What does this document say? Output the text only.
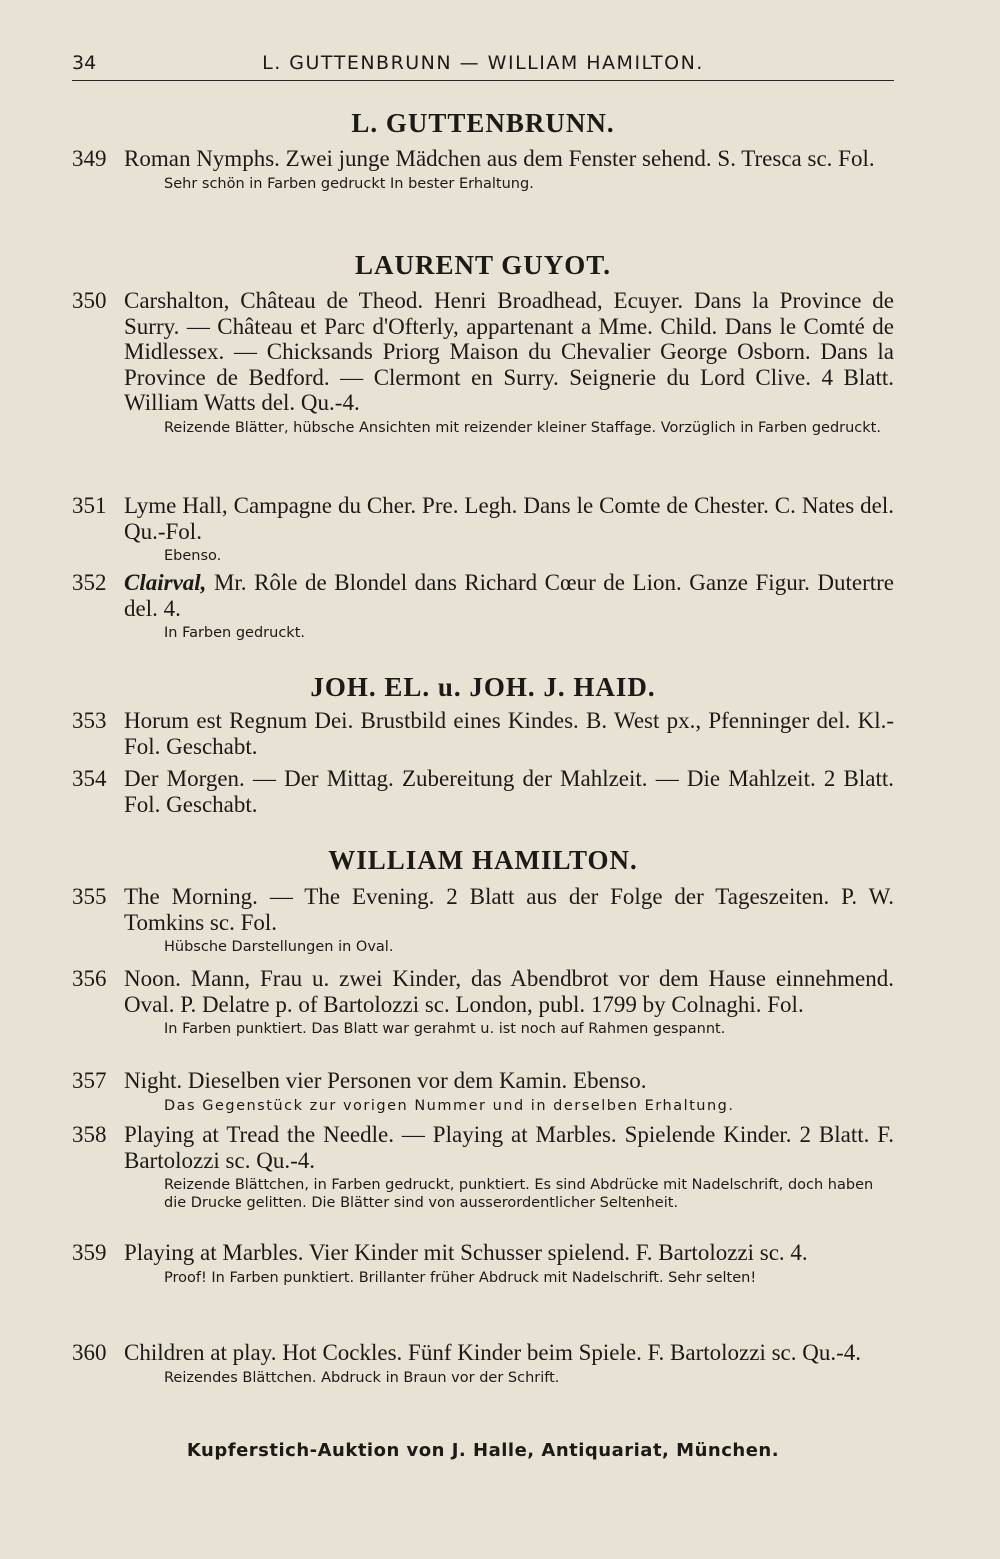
34	L. GUTTENBRUNN — WILLIAM HAMILTON.
L. GUTTENBRUNN.
349 Roman Nymphs. Zwei junge Mädchen aus dem Fenster sehend. S. Tresca sc. Fol.
Sehr schön in Farben gedruckt In bester Erhaltung.
LAURENT GUYOT.
350 Carshalton, Château de Theod. Henri Broadhead, Ecuyer. Dans la Province de Surry. — Château et Parc d'Ofterly, appartenant a Mme. Child. Dans le Comté de Midlessex. — Chicksands Priorg Maison du Chevalier George Osborn. Dans la Province de Bedford. — Clermont en Surry. Seignerie du Lord Clive. 4 Blatt. William Watts del. Qu.-4.
Reizende Blätter, hübsche Ansichten mit reizender kleiner Staffage. Vorzüglich in Farben gedruckt.
351 Lyme Hall, Campagne du Cher. Pre. Legh. Dans le Comte de Chester. C. Nates del. Qu.-Fol.
Ebenso.
352 Clairval, Mr. Rôle de Blondel dans Richard Cœur de Lion. Ganze Figur. Dutertre del. 4.
In Farben gedruckt.
JOH. EL. u. JOH. J. HAID.
353 Horum est Regnum Dei. Brustbild eines Kindes. B. West px., Pfenninger del. Kl.-Fol. Geschabt.
354 Der Morgen. — Der Mittag. Zubereitung der Mahlzeit. — Die Mahlzeit. 2 Blatt. Fol. Geschabt.
WILLIAM HAMILTON.
355 The Morning. — The Evening. 2 Blatt aus der Folge der Tageszeiten. P. W. Tomkins sc. Fol.
Hübsche Darstellungen in Oval.
356 Noon. Mann, Frau u. zwei Kinder, das Abendbrot vor dem Hause einnehmend. Oval. P. Delatre p. of Bartolozzi sc. London, publ. 1799 by Colnaghi. Fol.
In Farben punktiert. Das Blatt war gerahmt u. ist noch auf Rahmen gespannt.
357 Night. Dieselben vier Personen vor dem Kamin. Ebenso.
Das Gegenstück zur vorigen Nummer und in derselben Erhaltung.
358 Playing at Tread the Needle. — Playing at Marbles. Spielende Kinder. 2 Blatt. F. Bartolozzi sc. Qu.-4.
Reizende Blättchen, in Farben gedruckt, punktiert. Es sind Abdrücke mit Nadelschrift, doch haben die Drucke gelitten. Die Blätter sind von ausserordentlicher Seltenheit.
359 Playing at Marbles. Vier Kinder mit Schusser spielend. F. Bartolozzi sc. 4.
Proof! In Farben punktiert. Brillanter früher Abdruck mit Nadelschrift. Sehr selten!
360 Children at play. Hot Cockles. Fünf Kinder beim Spiele. F. Bartolozzi sc. Qu.-4.
Reizendes Blättchen. Abdruck in Braun vor der Schrift.
Kupferstich-Auktion von J. Halle, Antiquariat, München.
